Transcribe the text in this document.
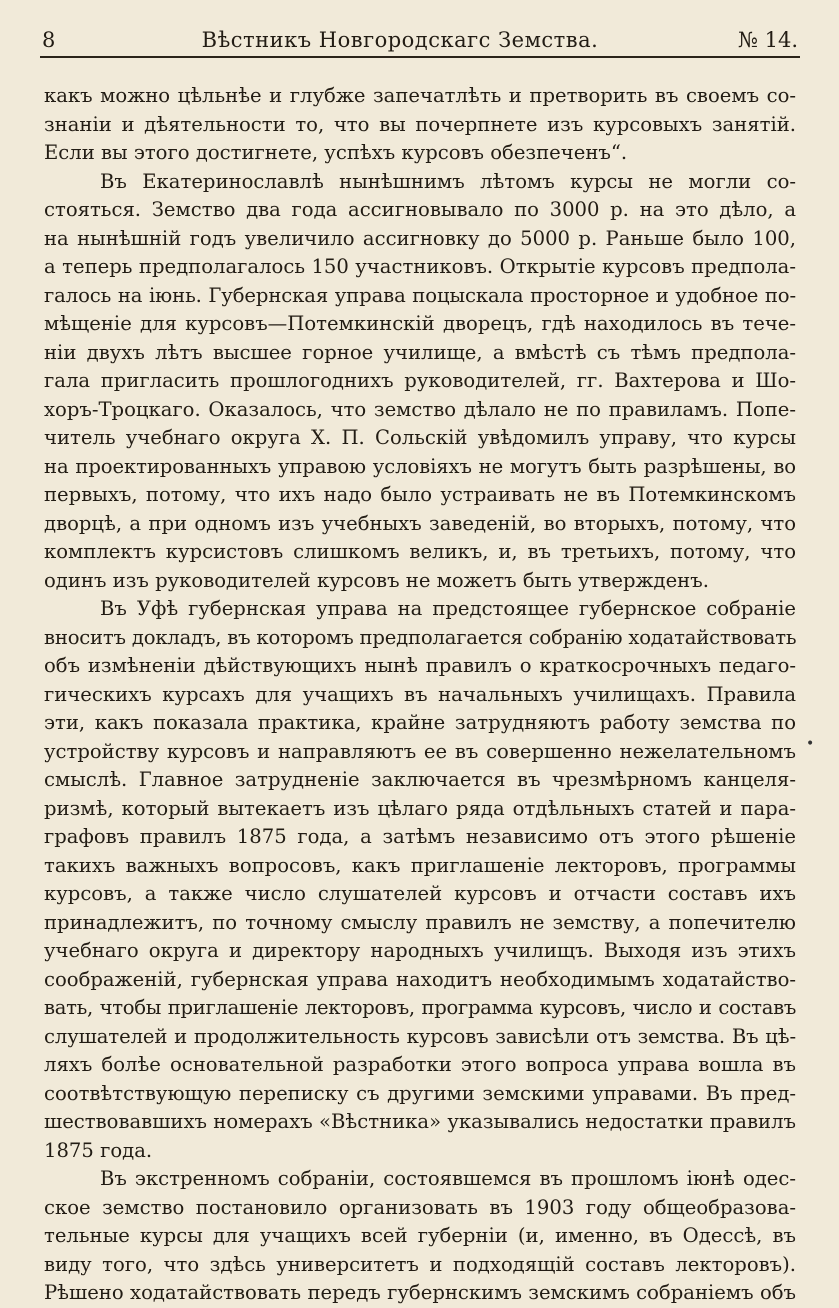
8	Вѣстникъ Новгородскагс Земства.	№ 14.
какъ можно цѣльнѣе и глубже запечатлѣть и претворить въ своемъ со-
знаніи и дѣятельности то, что вы почерпнете изъ курсовыхъ занятій.
Если вы этого достигнете, успѣхъ курсовъ обезпеченъ“.
Въ Екатеринославлѣ нынѣшнимъ лѣтомъ курсы не могли со-
стояться. Земство два года ассигновывало по 3000 р. на это дѣло, а
на нынѣшній годъ увеличило ассигновку до 5000 р. Раньше было 100,
а теперь предполагалось 150 участниковъ. Открытіе курсовъ предпола-
галось на іюнь. Губернская управа поцыскала просторное и удобное по-
мѣщеніе для курсовъ—Потемкинскій дворецъ, гдѣ находилось въ тече-
ніи двухъ лѣтъ высшее горное училище, а вмѣстѣ съ тѣмъ предпола-
гала пригласить прошлогоднихъ руководителей, гг. Вахтерова и Шо-
хоръ-Троцкаго. Оказалось, что земство дѣлало не по правиламъ. Попе-
читель учебнаго округа Х. П. Сольскій увѣдомилъ управу, что курсы
на проектированныхъ управою условіяхъ не могутъ быть разрѣшены, во
первыхъ, потому, что ихъ надо было устраивать не въ Потемкинскомъ
дворцѣ, а при одномъ изъ учебныхъ заведеній, во вторыхъ, потому, что
комплектъ курсистовъ слишкомъ великъ, и, въ третьихъ, потому, что
одинъ изъ руководителей курсовъ не можетъ быть утвержденъ.
Въ Уфѣ губернская управа на предстоящее губернское собраніе
вноситъ докладъ, въ которомъ предполагается собранію ходатайствовать
объ измѣненіи дѣйствующихъ нынѣ правилъ о краткосрочныхъ педаго-
гическихъ курсахъ для учащихъ въ начальныхъ училищахъ. Правила
эти, какъ показала практика, крайне затрудняютъ работу земства по
устройству курсовъ и направляютъ ее въ совершенно нежелательномъ
смыслѣ. Главное затрудненіе заключается въ чрезмѣрномъ канцеля-
ризмѣ, который вытекаетъ изъ цѣлаго ряда отдѣльныхъ статей и пара-
графовъ правилъ 1875 года, а затѣмъ независимо отъ этого рѣшеніе
такихъ важныхъ вопросовъ, какъ приглашеніе лекторовъ, программы
курсовъ, а также число слушателей курсовъ и отчасти составъ ихъ
принадлежитъ, по точному смыслу правилъ не земству, а попечителю
учебнаго округа и директору народныхъ училищъ. Выходя изъ этихъ
соображеній, губернская управа находитъ необходимымъ ходатайство-
вать, чтобы приглашеніе лекторовъ, программа курсовъ, число и составъ
слушателей и продолжительность курсовъ зависѣли отъ земства. Въ цѣ-
ляхъ болѣе основательной разработки этого вопроса управа вошла въ
соотвѣтствующую переписку съ другими земскими управами. Въ пред-
шествовавшихъ номерахъ «Вѣстника» указывались недостатки правилъ
1875 года.
Въ экстренномъ собраніи, состоявшемся въ прошломъ іюнѣ одес-
ское земство постановило организовать въ 1903 году общеобразова-
тельные курсы для учащихъ всей губерніи (и, именно, въ Одессѣ, въ
виду того, что здѣсь университетъ и подходящій составъ лекторовъ).
Рѣшено ходатайствовать передъ губернскимъ земскимъ собраніемъ объ
•
